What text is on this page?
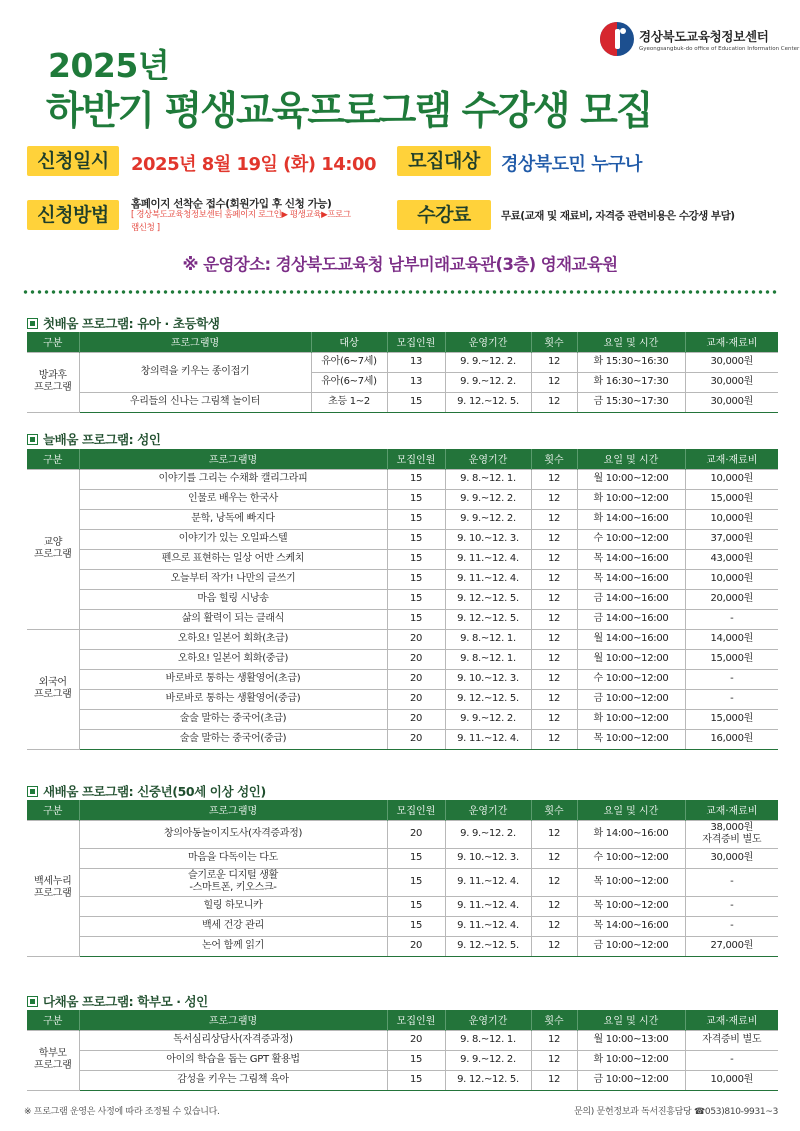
경상북도교육청정보센터
Gyeongsangbuk-do office of Education Information Center
2025년
하반기 평생교육프로그램 수강생 모집
신청일시	2025년 8월 19일 (화) 14:00	모집대상	경상북도민 누구나
신청방법	홈페이지 선착순 접수(회원가입 후 신청 가능)
[ 경상북도교육청정보센터 홈페이지 로그인▶ 평생교육▶프로그램신청 ]
수강료	무료(교재 및 재료비, 자격증 관련비용은 수강생 부담)
※ 운영장소: 경상북도교육청 남부미래교육관(3층) 영재교육원
첫배움 프로그램: 유아 · 초등학생
구분	프로그램명	대상	모집인원	운영기간	횟수	요일 및 시간	교재·재료비
방과후
프로그램	창의력을 키우는 종이접기	유아(6~7세)	13	9. 9.~12. 2.	12	화 15:30~16:30	30,000원
		유아(6~7세)	13	9. 9.~12. 2.	12	화 16:30~17:30	30,000원
	우리들의 신나는 그림책 놀이터	초등 1~2	15	9. 12.~12. 5.	12	금 15:30~17:30	30,000원
늘배움 프로그램: 성인
구분	프로그램명	모집인원	운영기간	횟수	요일 및 시간	교재·재료비
교양
프로그램	이야기를 그리는 수채화 캘리그라피	15	9. 8.~12. 1.	12	월 10:00~12:00	10,000원
	인물로 배우는 한국사	15	9. 9.~12. 2.	12	화 10:00~12:00	15,000원
	문학, 낭독에 빠지다	15	9. 9.~12. 2.	12	화 14:00~16:00	10,000원
	이야기가 있는 오일파스텔	15	9. 10.~12. 3.	12	수 10:00~12:00	37,000원
	펜으로 표현하는 일상 어반 스케치	15	9. 11.~12. 4.	12	목 14:00~16:00	43,000원
	오늘부터 작가! 나만의 글쓰기	15	9. 11.~12. 4.	12	목 14:00~16:00	10,000원
	마음 힐링 시낭송	15	9. 12.~12. 5.	12	금 14:00~16:00	20,000원
	삶의 활력이 되는 클래식	15	9. 12.~12. 5.	12	금 14:00~16:00	-
외국어
프로그램	오하요! 일본어 회화(초급)	20	9. 8.~12. 1.	12	월 14:00~16:00	14,000원
	오하요! 일본어 회화(중급)	20	9. 8.~12. 1.	12	월 10:00~12:00	15,000원
	바로바로 통하는 생활영어(초급)	20	9. 10.~12. 3.	12	수 10:00~12:00	-
	바로바로 통하는 생활영어(중급)	20	9. 12.~12. 5.	12	금 10:00~12:00	-
	술술 말하는 중국어(초급)	20	9. 9.~12. 2.	12	화 10:00~12:00	15,000원
	술술 말하는 중국어(중급)	20	9. 11.~12. 4.	12	목 10:00~12:00	16,000원
새배움 프로그램: 신중년(50세 이상 성인)
구분	프로그램명	모집인원	운영기간	횟수	요일 및 시간	교재·재료비
백세누리
프로그램	창의아동놀이지도사(자격증과정)	20	9. 9.~12. 2.	12	화 14:00~16:00	38,000원
자격증비 별도
	마음을 다독이는 다도	15	9. 10.~12. 3.	12	수 10:00~12:00	30,000원
	슬기로운 디지털 생활
-스마트폰, 키오스크-	15	9. 11.~12. 4.	12	목 10:00~12:00	-
	힐링 하모니카	15	9. 11.~12. 4.	12	목 10:00~12:00	-
	백세 건강 관리	15	9. 11.~12. 4.	12	목 14:00~16:00	-
	논어 함께 읽기	20	9. 12.~12. 5.	12	금 10:00~12:00	27,000원
다채움 프로그램: 학부모 · 성인
구분	프로그램명	모집인원	운영기간	횟수	요일 및 시간	교재·재료비
학부모
프로그램	독서심리상담사(자격증과정)	20	9. 8.~12. 1.	12	월 10:00~13:00	자격증비 별도
	아이의 학습을 돕는 GPT 활용법	15	9. 9.~12. 2.	12	화 10:00~12:00	-
	감성을 키우는 그림책 육아	15	9. 12.~12. 5.	12	금 10:00~12:00	10,000원
※ 프로그램 운영은 사정에 따라 조정될 수 있습니다.	문의) 문헌정보과 독서진흥담당 ☎053)810-9931~3
